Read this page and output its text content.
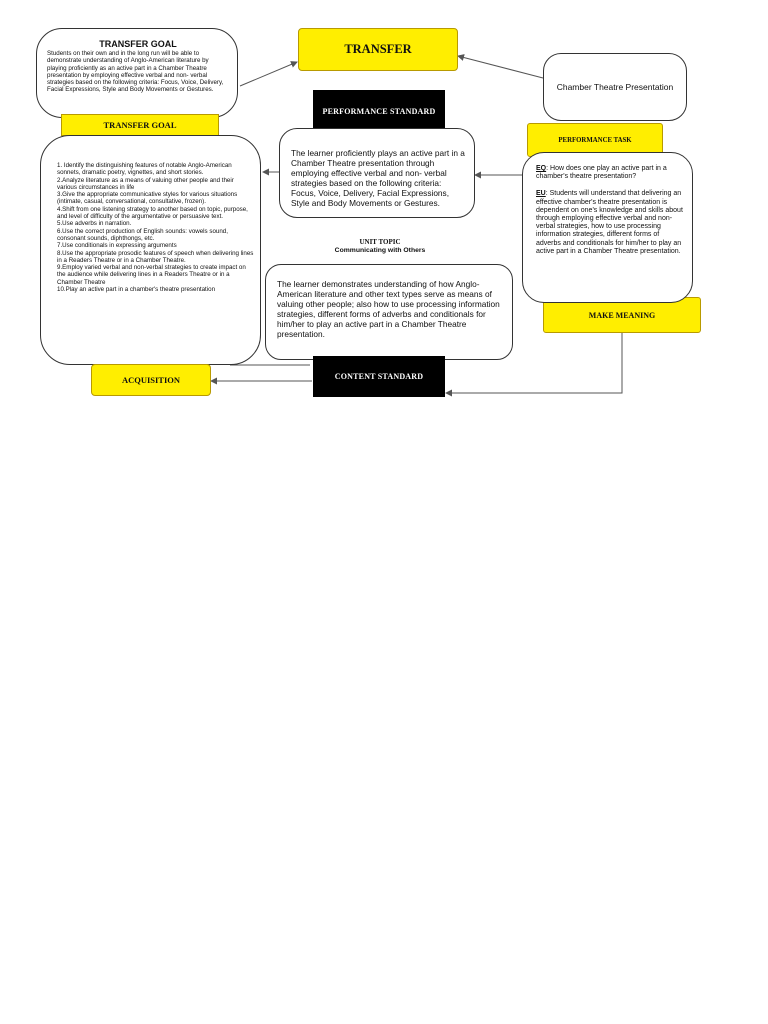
TRANSFER GOAL
Students on their own and in the long run will be able to demonstrate understanding of Anglo-American literature by playing proficiently as an active part in a Chamber Theatre presentation by employing effective verbal and non- verbal strategies based on the following criteria: Focus, Voice, Delivery, Facial Expressions, Style and Body Movements or Gestures.
TRANSFER GOAL
TRANSFER
Chamber Theatre Presentation
PERFORMANCE TASK
PERFORMANCE STANDARD
The learner proficiently plays an active part in a Chamber Theatre presentation through employing effective verbal and non- verbal strategies based on the following criteria: Focus, Voice, Delivery, Facial Expressions, Style and Body Movements or Gestures.
UNIT TOPIC
Communicating with Others
1. Identify the distinguishing features of notable Anglo-American sonnets, dramatic poetry, vignettes, and short stories.
2.Analyze literature as a means of valuing other people and their various circumstances in life
3.Give the appropriate communicative styles for various situations (intimate, casual, conversational, consultative, frozen).
4.Shift from one listening strategy to another based on topic, purpose, and level of difficulty of the argumentative or persuasive text.
5.Use adverbs in narration.
6.Use the correct production of English sounds: vowels sound, consonant sounds, diphthongs, etc.
7.Use conditionals in expressing arguments
8.Use the appropriate prosodic features of speech when delivering lines in a Readers Theatre or in a Chamber Theatre.
9.Employ varied verbal and non-verbal strategies to create impact on the audience while delivering lines in a Readers Theatre or in a Chamber Theatre
10.Play an active part in a chamber's theatre presentation
The learner demonstrates understanding of how Anglo-American literature and other text types serve as means of valuing other people; also how to use processing information strategies, different forms of adverbs and conditionals for him/her to play an active part in a Chamber Theatre presentation.
CONTENT STANDARD
ACQUISITION
MAKE MEANING
EQ: How does one play an active part in a chamber's theatre presentation?
EU: Students will understand that delivering an effective chamber's theatre presentation is dependent on one's knowledge and skills about through employing effective verbal and non- verbal strategies, how to use processing information strategies, different forms of adverbs and conditionals for him/her to play an active part in a Chamber Theatre presentation.
